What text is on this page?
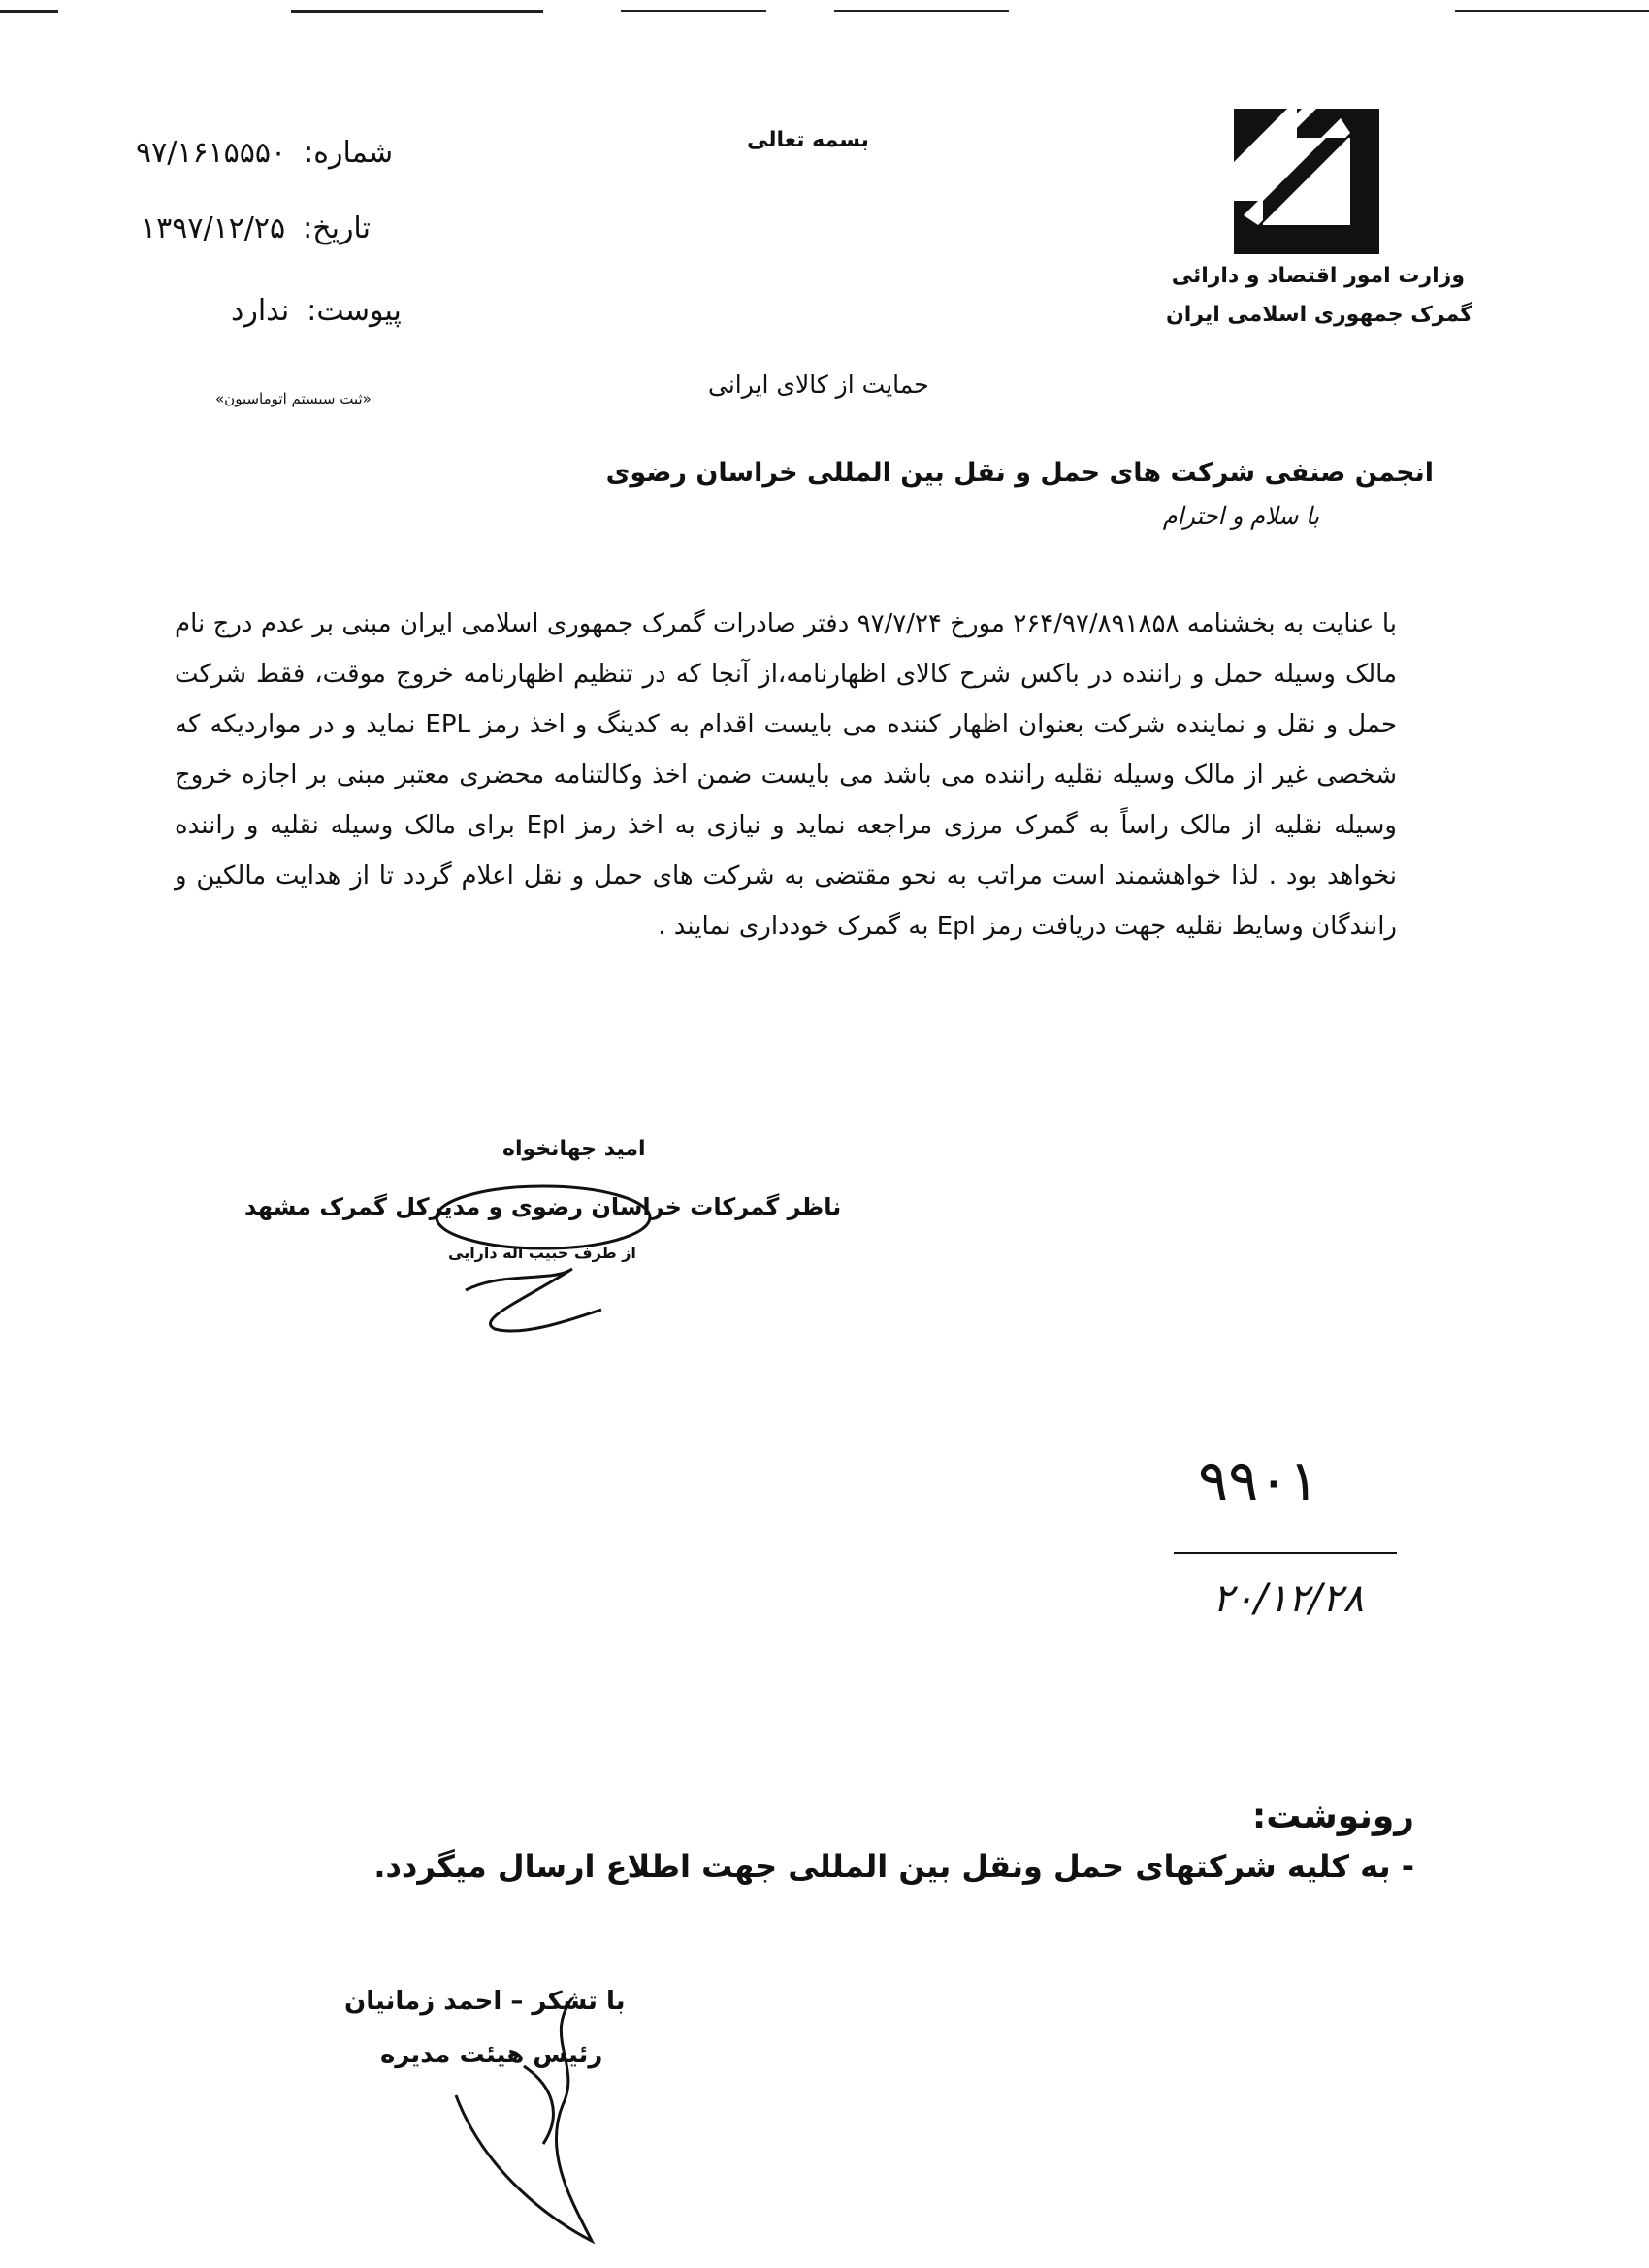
وزارت امور اقتصاد و دارائی
گمرک جمهوری اسلامی ایران
بسمه تعالی
شماره:۹۷/۱۶۱۵۵۵۰
تاریخ:۱۳۹۷/۱۲/۲۵
پیوست:ندارد
«ثبت سیستم اتوماسیون»	حمایت از کالای ایرانی
انجمن صنفی شرکت های حمل و نقل بین المللی خراسان رضوی
با سلام و احترام

با عنایت به بخشنامه ۲۶۴/۹۷/۸۹۱۸۵۸ مورخ ۹۷/۷/۲۴ دفتر صادرات گمرک جمهوری اسلامی ایران مبنی بر عدم درج نام مالک وسیله حمل و راننده در باکس شرح کالای اظهارنامه،از آنجا که در تنظیم اظهارنامه خروج موقت، فقط شرکت حمل و نقل و نماینده شرکت بعنوان اظهار کننده می بایست اقدام به کدینگ و اخذ رمز EPL نماید و در مواردیکه که شخصی غیر از مالک وسیله نقلیه راننده می باشد می بایست ضمن اخذ وکالتنامه محضری معتبر مبنی بر اجازه خروج وسیله نقلیه از مالک راساً به گمرک مرزی مراجعه نماید و نیازی به اخذ رمز Epl برای مالک وسیله نقلیه و راننده نخواهد بود . لذا خواهشمند است مراتب به نحو مقتضی به شرکت های حمل و نقل اعلام گردد تا از هدایت مالکین و رانندگان وسایط نقلیه جهت دریافت رمز Epl به گمرک خودداری نمایند .

امید جهانخواه
ناظر گمرکات خراسان رضوی و مدیرکل گمرک مشهد
از طرف حبیب اله دارایی
۹۹۰۱
۲۰/۱۲/۲۸
رونوشت:
- به کلیه شرکتهای حمل ونقل بین المللی جهت اطلاع ارسال میگردد.
با تشکر – احمد زمانیان
رئیس هیئت مدیره
